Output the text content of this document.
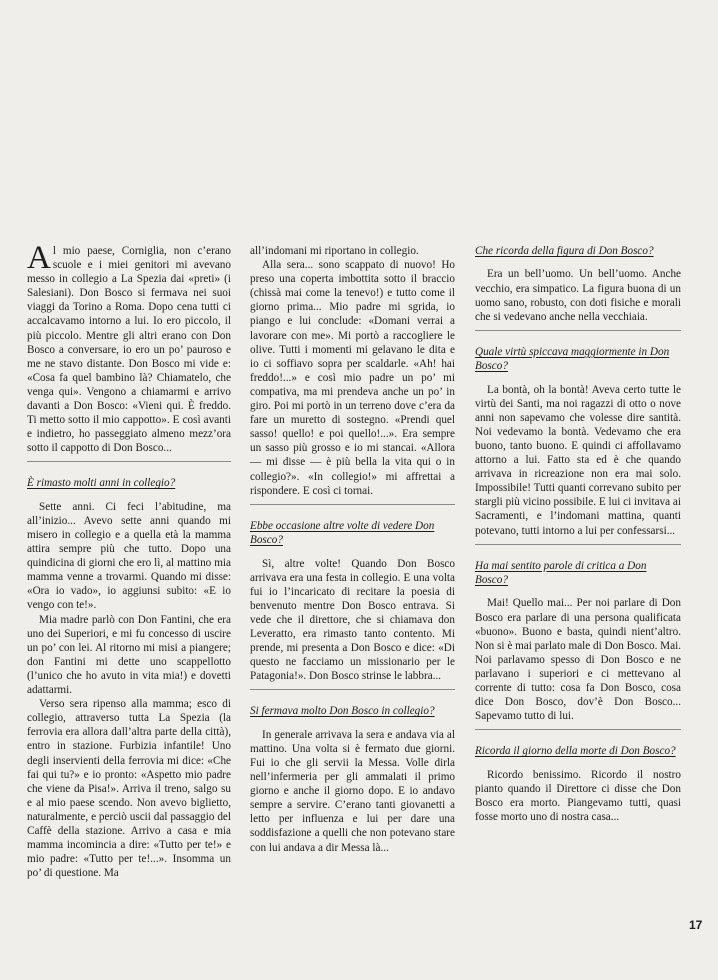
Al mio paese, Corniglia, non c’erano scuole e i miei genitori mi avevano messo in collegio a La Spezia dai «preti» (i Salesiani). Don Bosco si fermava nei suoi viaggi da Torino a Roma. Dopo cena tutti ci accalcavamo intorno a lui. Io ero piccolo, il più piccolo. Mentre gli altri erano con Don Bosco a conversare, io ero un po’ pauroso e me ne stavo distante. Don Bosco mi vide e: «Cosa fa quel bambino là? Chiamatelo, che venga qui». Vengono a chiamarmi e arrivo davanti a Don Bosco: «Vieni qui. È freddo. Ti metto sotto il mio cappotto». E così avanti e indietro, ho passeggiato almeno mezz’ora sotto il cappotto di Don Bosco...

È rimasto molti anni in collegio?

Sette anni. Ci feci l’abitudine, ma all’inizio... Avevo sette anni quando mi misero in collegio e a quella età la mamma attira sempre più che tutto. Dopo una quindicina di giorni che ero lì, al mattino mia mamma venne a trovarmi. Quando mi disse: «Ora io vado», io aggiunsi subito: «E io vengo con te!».

Mia madre parlò con Don Fantini, che era uno dei Superiori, e mi fu concesso di uscire un po’ con lei. Al ritorno mi misi a piangere; don Fantini mi dette uno scappellotto (l’unico che ho avuto in vita mia!) e dovetti adattarmi.

Verso sera ripenso alla mamma; esco di collegio, attraverso tutta La Spezia (la ferrovia era allora dall’altra parte della città), entro in stazione. Furbizia infantile! Uno degli inservienti della ferrovia mi dice: «Che fai qui tu?» e io pronto: «Aspetto mio padre che viene da Pisa!». Arriva il treno, salgo su e al mio paese scendo. Non avevo biglietto, naturalmente, e perciò uscii dal passaggio del Caffè della stazione. Arrivo a casa e mia mamma incomincia a dire: «Tutto per te!» e mio padre: «Tutto per te!...». Insomma un po’ di questione. Ma

all’indomani mi riportano in collegio.

Alla sera... sono scappato di nuovo! Ho preso una coperta imbottita sotto il braccio (chissà mai come la tenevo!) e tutto come il giorno prima... Mio padre mi sgrida, io piango e lui conclude: «Domani verrai a lavorare con me». Mi portò a raccogliere le olive. Tutti i momenti mi gelavano le dita e io ci soffiavo sopra per scaldarle. «Ah! hai freddo!...» e così mio padre un po’ mi compativa, ma mi prendeva anche un po’ in giro. Poi mi portò in un terreno dove c’era da fare un muretto di sostegno. «Prendi quel sasso! quello! e poi quello!...». Era sempre un sasso più grosso e io mi stancai. «Allora — mi disse — è più bella la vita qui o in collegio?». «In collegio!» mi affrettai a rispondere. E così ci tornai.

Ebbe occasione altre volte di vedere Don Bosco?

Sì, altre volte! Quando Don Bosco arrivava era una festa in collegio. E una volta fui io l’incaricato di recitare la poesia di benvenuto mentre Don Bosco entrava. Si vede che il direttore, che si chiamava don Leveratto, era rimasto tanto contento. Mi prende, mi presenta a Don Bosco e dice: «Di questo ne facciamo un missionario per le Patagonia!». Don Bosco strinse le labbra...

Si fermava molto Don Bosco in collegio?

In generale arrivava la sera e andava via al mattino. Una volta si è fermato due giorni. Fui io che gli servii la Messa. Volle dirla nell’infermeria per gli ammalati il primo giorno e anche il giorno dopo. E io andavo sempre a servire. C’erano tanti giovanetti a letto per influenza e lui per dare una soddisfazione a quelli che non potevano stare con lui andava a dir Messa là...

Che ricorda della figura di Don Bosco?

Era un bell’uomo. Un bell’uomo. Anche vecchio, era simpatico. La figura buona di un uomo sano, robusto, con doti fisiche e morali che si vedevano anche nella vecchiaia.

Quale virtù spiccava maggiormente in Don Bosco?

La bontà, oh la bontà! Aveva certo tutte le virtù dei Santi, ma noi ragazzi di otto o nove anni non sapevamo che volesse dire santità. Noi vedevamo la bontà. Vedevamo che era buono, tanto buono. E quindi ci affollavamo attorno a lui. Fatto sta ed è che quando arrivava in ricreazione non era mai solo. Impossibile! Tutti quanti correvano subito per stargli più vicino possibile. E lui ci invitava ai Sacramenti, e l’indomani mattina, quanti potevano, tutti intorno a lui per confessarsi...

Ha mai sentito parole di critica a Don Bosco?

Mai! Quello mai... Per noi parlare di Don Bosco era parlare di una persona qualificata «buono». Buono e basta, quindi nient’altro. Non si è mai parlato male di Don Bosco. Mai. Noi parlavamo spesso di Don Bosco e ne parlavano i superiori e ci mettevano al corrente di tutto: cosa fa Don Bosco, cosa dice Don Bosco, dov’è Don Bosco... Sapevamo tutto di lui.

Ricorda il giorno della morte di Don Bosco?

Ricordo benissimo. Ricordo il nostro pianto quando il Direttore ci disse che Don Bosco era morto. Piangevamo tutti, quasi fosse morto uno di nostra casa...

17
